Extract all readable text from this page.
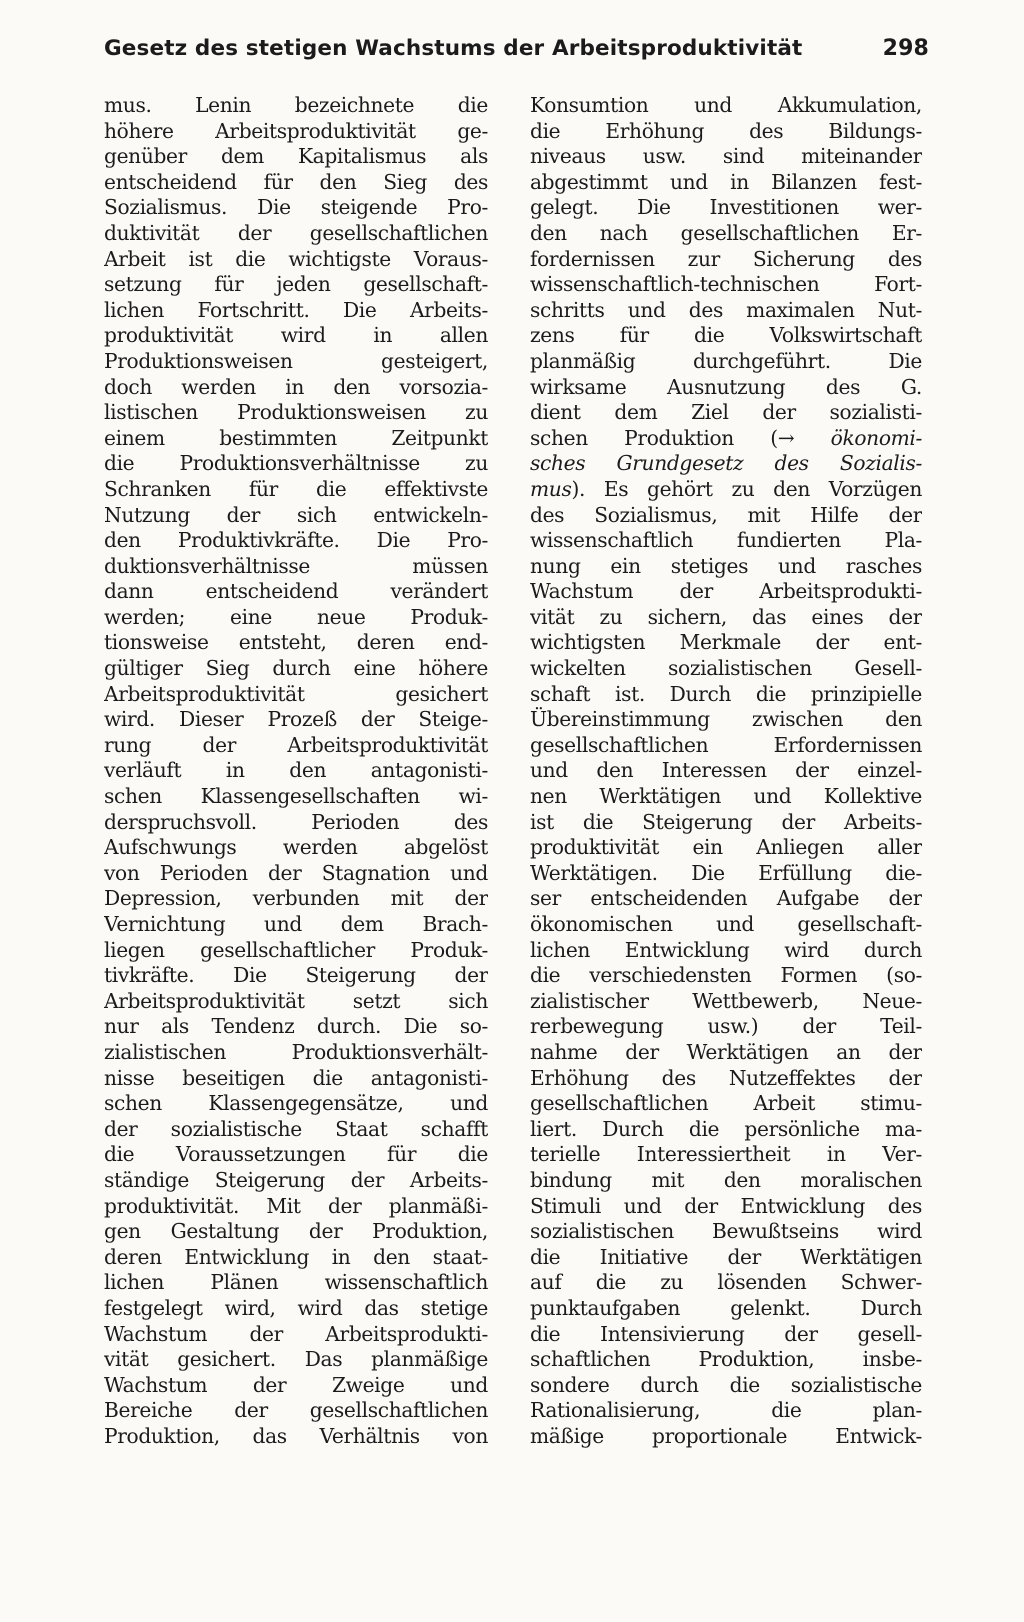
Gesetz des stetigen Wachstums der Arbeitsproduktivität	298
mus. Lenin bezeichnete die
höhere Arbeitsproduktivität ge-
genüber dem Kapitalismus als
entscheidend für den Sieg des
Sozialismus. Die steigende Pro-
duktivität der gesellschaftlichen
Arbeit ist die wichtigste Voraus-
setzung für jeden gesellschaft-
lichen Fortschritt. Die Arbeits-
produktivität wird in allen
Produktionsweisen gesteigert,
doch werden in den vorsozia-
listischen Produktionsweisen zu
einem bestimmten Zeitpunkt
die Produktionsverhältnisse zu
Schranken für die effektivste
Nutzung der sich entwickeln-
den Produktivkräfte. Die Pro-
duktionsverhältnisse müssen
dann entscheidend verändert
werden; eine neue Produk-
tionsweise entsteht, deren end-
gültiger Sieg durch eine höhere
Arbeitsproduktivität gesichert
wird. Dieser Prozeß der Steige-
rung der Arbeitsproduktivität
verläuft in den antagonisti-
schen Klassengesellschaften wi-
derspruchsvoll. Perioden des
Aufschwungs werden abgelöst
von Perioden der Stagnation und
Depression, verbunden mit der
Vernichtung und dem Brach-
liegen gesellschaftlicher Produk-
tivkräfte. Die Steigerung der
Arbeitsproduktivität setzt sich
nur als Tendenz durch. Die so-
zialistischen Produktionsverhält-
nisse beseitigen die antagonisti-
schen Klassengegensätze, und
der sozialistische Staat schafft
die Voraussetzungen für die
ständige Steigerung der Arbeits-
produktivität. Mit der planmäßi-
gen Gestaltung der Produktion,
deren Entwicklung in den staat-
lichen Plänen wissenschaftlich
festgelegt wird, wird das stetige
Wachstum der Arbeitsprodukti-
vität gesichert. Das planmäßige
Wachstum der Zweige und
Bereiche der gesellschaftlichen
Produktion, das Verhältnis von
Konsumtion und Akkumulation,
die Erhöhung des Bildungs-
niveaus usw. sind miteinander
abgestimmt und in Bilanzen fest-
gelegt. Die Investitionen wer-
den nach gesellschaftlichen Er-
fordernissen zur Sicherung des
wissenschaftlich-technischen Fort-
schritts und des maximalen Nut-
zens für die Volkswirtschaft
planmäßig durchgeführt. Die
wirksame Ausnutzung des G.
dient dem Ziel der sozialisti-
schen Produktion (→ ökonomi-
sches Grundgesetz des Sozialis-
mus). Es gehört zu den Vorzügen
des Sozialismus, mit Hilfe der
wissenschaftlich fundierten Pla-
nung ein stetiges und rasches
Wachstum der Arbeitsprodukti-
vität zu sichern, das eines der
wichtigsten Merkmale der ent-
wickelten sozialistischen Gesell-
schaft ist. Durch die prinzipielle
Übereinstimmung zwischen den
gesellschaftlichen Erfordernissen
und den Interessen der einzel-
nen Werktätigen und Kollektive
ist die Steigerung der Arbeits-
produktivität ein Anliegen aller
Werktätigen. Die Erfüllung die-
ser entscheidenden Aufgabe der
ökonomischen und gesellschaft-
lichen Entwicklung wird durch
die verschiedensten Formen (so-
zialistischer Wettbewerb, Neue-
rerbewegung usw.) der Teil-
nahme der Werktätigen an der
Erhöhung des Nutzeffektes der
gesellschaftlichen Arbeit stimu-
liert. Durch die persönliche ma-
terielle Interessiertheit in Ver-
bindung mit den moralischen
Stimuli und der Entwicklung des
sozialistischen Bewußtseins wird
die Initiative der Werktätigen
auf die zu lösenden Schwer-
punktaufgaben gelenkt. Durch
die Intensivierung der gesell-
schaftlichen Produktion, insbe-
sondere durch die sozialistische
Rationalisierung, die plan-
mäßige proportionale Entwick-
